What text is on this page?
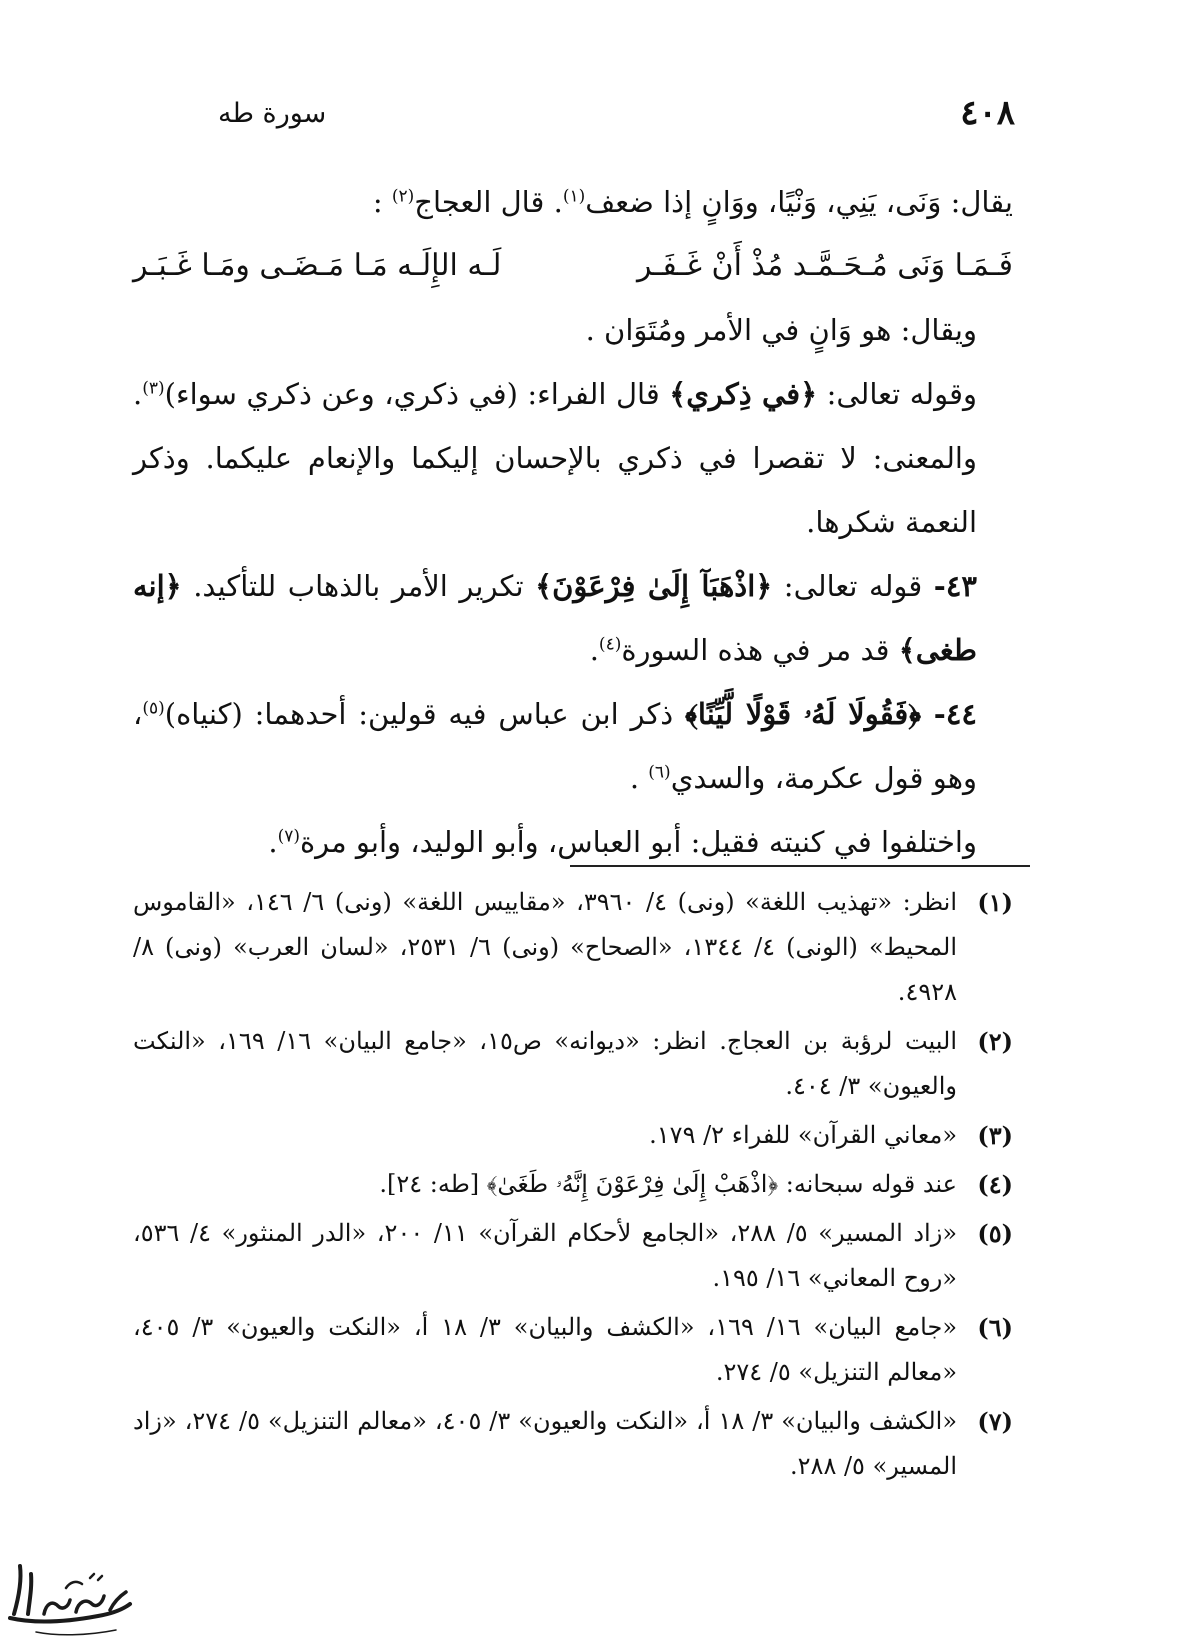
٤٠٨
سورة طه

يقال: وَنَى، يَنِي، وَنْيًا، ووَانٍ إذا ضعف$^{(١)}$. قال العجاج$^{(٢)}$ :

فَـمَـا وَنَى مُـحَـمَّـد مُذْ أَنْ غَـفَـر
لَـه الإِلَـه مَـا مَـضَـى ومَـا غَـبَـر

ويقال: هو وَانٍ في الأمر ومُتَوَان .

وقوله تعالى: ﴿في ذِكري﴾ قال الفراء: (في ذكري، وعن ذكري سواء)$^{(٣)}$. والمعنى: لا تقصرا في ذكري بالإحسان إليكما والإنعام عليكما. وذكر النعمة شكرها.

٤٣- قوله تعالى: ﴿اذْهَبَآ إِلَىٰ فِرْعَوْنَ﴾ تكرير الأمر بالذهاب للتأكيد. ﴿إنه طغى﴾ قد مر في هذه السورة$^{(٤)}$.

٤٤- ﴿فَقُولَا لَهُۥ قَوْلًا لَّيِّنًا﴾ ذكر ابن عباس فيه قولين: أحدهما: (كنياه)$^{(٥)}$، وهو قول عكرمة، والسدي$^{(٦)}$ .

واختلفوا في كنيته فقيل: أبو العباس، وأبو الوليد، وأبو مرة$^{(٧)}$.

(١)
انظر: «تهذيب اللغة» (ونى) ٤/ ٣٩٦٠، «مقاييس اللغة» (ونى) ٦/ ١٤٦، «القاموس المحيط» (الونى) ٤/ ١٣٤٤، «الصحاح» (ونى) ٦/ ٢٥٣١، «لسان العرب» (ونى) ٨/ ٤٩٢٨.
(٢)
البيت لرؤبة بن العجاج. انظر: «ديوانه» ص١٥، «جامع البيان» ١٦/ ١٦٩، «النكت والعيون» ٣/ ٤٠٤.
(٣)
«معاني القرآن» للفراء ٢/ ١٧٩.
(٤)
عند قوله سبحانه: ﴿اذْهَبْ إِلَىٰ فِرْعَوْنَ إِنَّهُۥ طَغَىٰ﴾ [طه: ٢٤].
(٥)
«زاد المسير» ٥/ ٢٨٨، «الجامع لأحكام القرآن» ١١/ ٢٠٠، «الدر المنثور» ٤/ ٥٣٦، «روح المعاني» ١٦/ ١٩٥.
(٦)
«جامع البيان» ١٦/ ١٦٩، «الكشف والبيان» ٣/ ١٨ أ، «النكت والعيون» ٣/ ٤٠٥، «معالم التنزيل» ٥/ ٢٧٤.
(٧)
«الكشف والبيان» ٣/ ١٨ أ، «النكت والعيون» ٣/ ٤٠٥، «معالم التنزيل» ٥/ ٢٧٤، «زاد المسير» ٥/ ٢٨٨.
